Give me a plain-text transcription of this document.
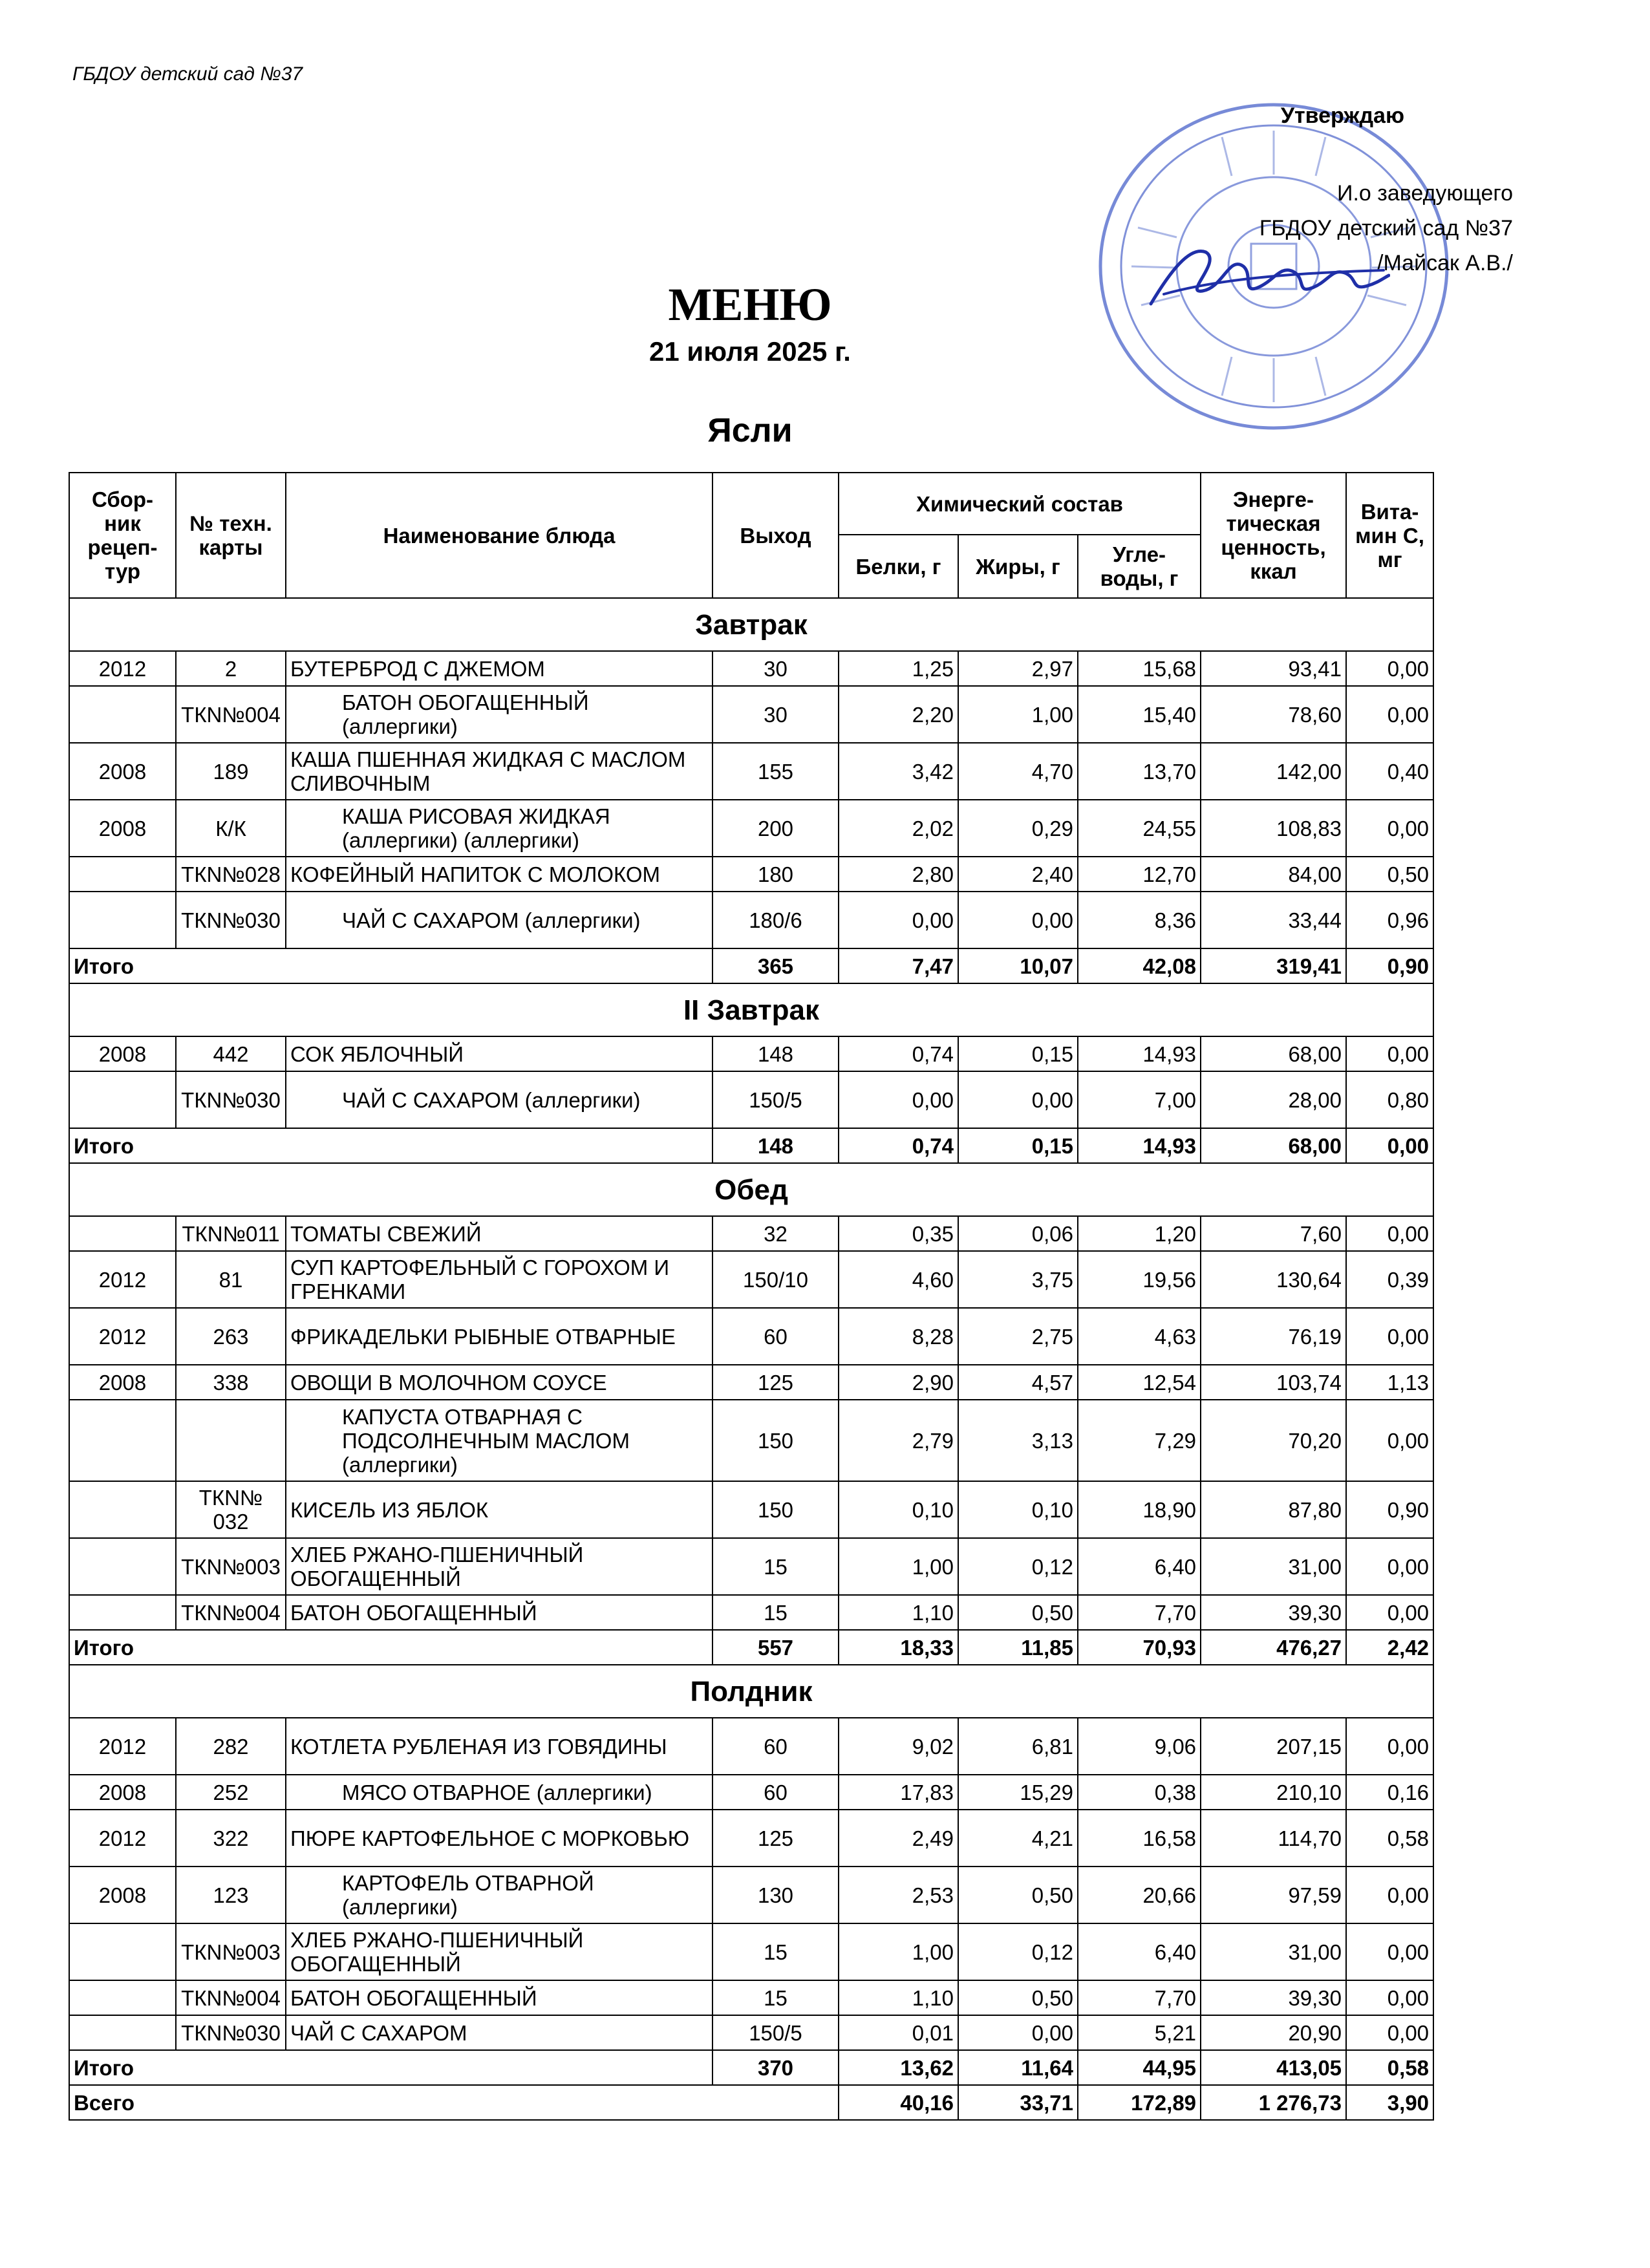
ГБДОУ детский сад №37
Утверждаю
И.о заведующего
ГБДОУ детский сад №37
/Майсак А.В./
МЕНЮ
21 июля 2025 г.
Ясли
Сбор-ник рецеп-тур	№ техн. карты	Наименование блюда	Выход	Химический состав			Энерге-тическая ценность, ккал	Вита-мин С, мг
				Белки, г	Жиры, г	Угле-воды, г		
Завтрак								
2012	2	БУТЕРБРОД С ДЖЕМОМ	30	1,25	2,97	15,68	93,41	0,00
	ТКN№004	БАТОН ОБОГАЩЕННЫЙ (аллергики)	30	2,20	1,00	15,40	78,60	0,00
2008	189	КАША ПШЕННАЯ ЖИДКАЯ С МАСЛОМ СЛИВОЧНЫМ	155	3,42	4,70	13,70	142,00	0,40
2008	К/К	КАША РИСОВАЯ ЖИДКАЯ (аллергики) (аллергики)	200	2,02	0,29	24,55	108,83	0,00
	ТКN№028	КОФЕЙНЫЙ НАПИТОК С МОЛОКОМ	180	2,80	2,40	12,70	84,00	0,50
	ТКN№030	ЧАЙ С САХАРОМ (аллергики)	180/6	0,00	0,00	8,36	33,44	0,96
Итого			365	7,47	10,07	42,08	319,41	0,90
II Завтрак								
2008	442	СОК ЯБЛОЧНЫЙ	148	0,74	0,15	14,93	68,00	0,00
	ТКN№030	ЧАЙ С САХАРОМ (аллергики)	150/5	0,00	0,00	7,00	28,00	0,80
Итого			148	0,74	0,15	14,93	68,00	0,00
Обед								
	ТКN№011	ТОМАТЫ СВЕЖИЙ	32	0,35	0,06	1,20	7,60	0,00
2012	81	СУП КАРТОФЕЛЬНЫЙ С ГОРОХОМ И ГРЕНКАМИ	150/10	4,60	3,75	19,56	130,64	0,39
2012	263	ФРИКАДЕЛЬКИ РЫБНЫЕ ОТВАРНЫЕ	60	8,28	2,75	4,63	76,19	0,00
2008	338	ОВОЩИ В МОЛОЧНОМ СОУСЕ	125	2,90	4,57	12,54	103,74	1,13
		КАПУСТА ОТВАРНАЯ С ПОДСОЛНЕЧНЫМ МАСЛОМ (аллергики)	150	2,79	3,13	7,29	70,20	0,00
	ТКN№ 032	КИСЕЛЬ ИЗ ЯБЛОК	150	0,10	0,10	18,90	87,80	0,90
	ТКN№003	ХЛЕБ РЖАНО-ПШЕНИЧНЫЙ ОБОГАЩЕННЫЙ	15	1,00	0,12	6,40	31,00	0,00
	ТКN№004	БАТОН ОБОГАЩЕННЫЙ	15	1,10	0,50	7,70	39,30	0,00
Итого			557	18,33	11,85	70,93	476,27	2,42
Полдник								
2012	282	КОТЛЕТА РУБЛЕНАЯ ИЗ ГОВЯДИНЫ	60	9,02	6,81	9,06	207,15	0,00
2008	252	МЯСО ОТВАРНОЕ (аллергики)	60	17,83	15,29	0,38	210,10	0,16
2012	322	ПЮРЕ КАРТОФЕЛЬНОЕ С МОРКОВЬЮ	125	2,49	4,21	16,58	114,70	0,58
2008	123	КАРТОФЕЛЬ ОТВАРНОЙ (аллергики)	130	2,53	0,50	20,66	97,59	0,00
	ТКN№003	ХЛЕБ РЖАНО-ПШЕНИЧНЫЙ ОБОГАЩЕННЫЙ	15	1,00	0,12	6,40	31,00	0,00
	ТКN№004	БАТОН ОБОГАЩЕННЫЙ	15	1,10	0,50	7,70	39,30	0,00
	ТКN№030	ЧАЙ С САХАРОМ	150/5	0,01	0,00	5,21	20,90	0,00
Итого			370	13,62	11,64	44,95	413,05	0,58
Всего				40,16	33,71	172,89	1 276,73	3,90
